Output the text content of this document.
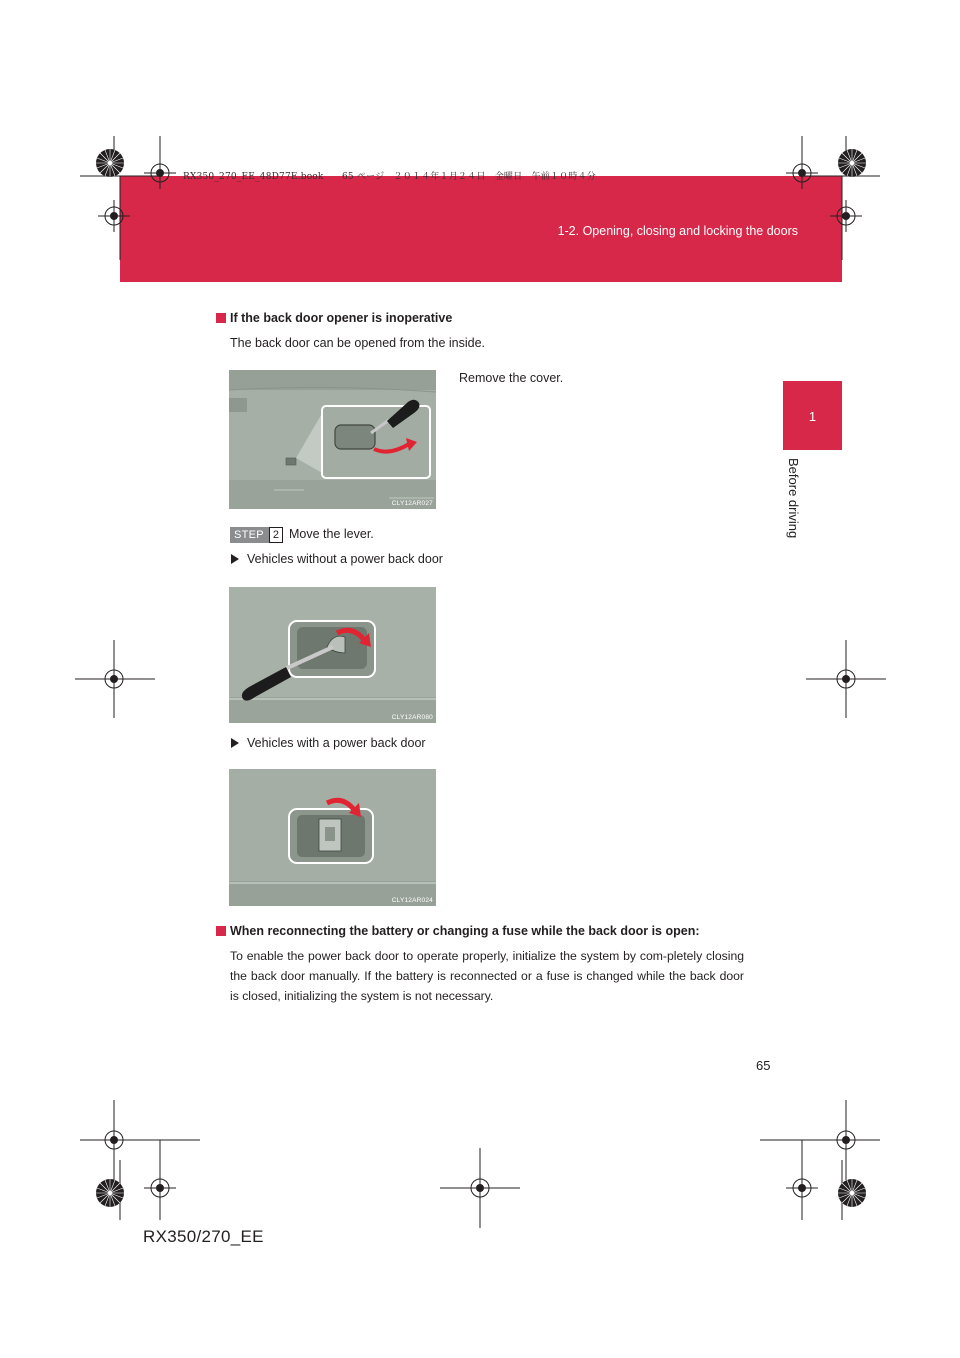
RX350_270_EE_48D77E.book　　65 ページ　２０１４年１月２４日　金曜日　午前１０時４分
1-2. Opening, closing and locking the doors
1
Before driving
If the back door opener is inoperative
The back door can be opened from the inside.
Remove the cover.
CLY12AR027
STEP 2 Move the lever.
Vehicles without a power back door
CLY12AR080
Vehicles with a power back door
CLY12AR024
When reconnecting the battery or changing a fuse while the back door is open:
To enable the power back door to operate properly, initialize the system by com-pletely closing the back door manually. If the battery is reconnected or a fuse is changed while the back door is closed, initializing the system is not necessary.
65
RX350/270_EE
